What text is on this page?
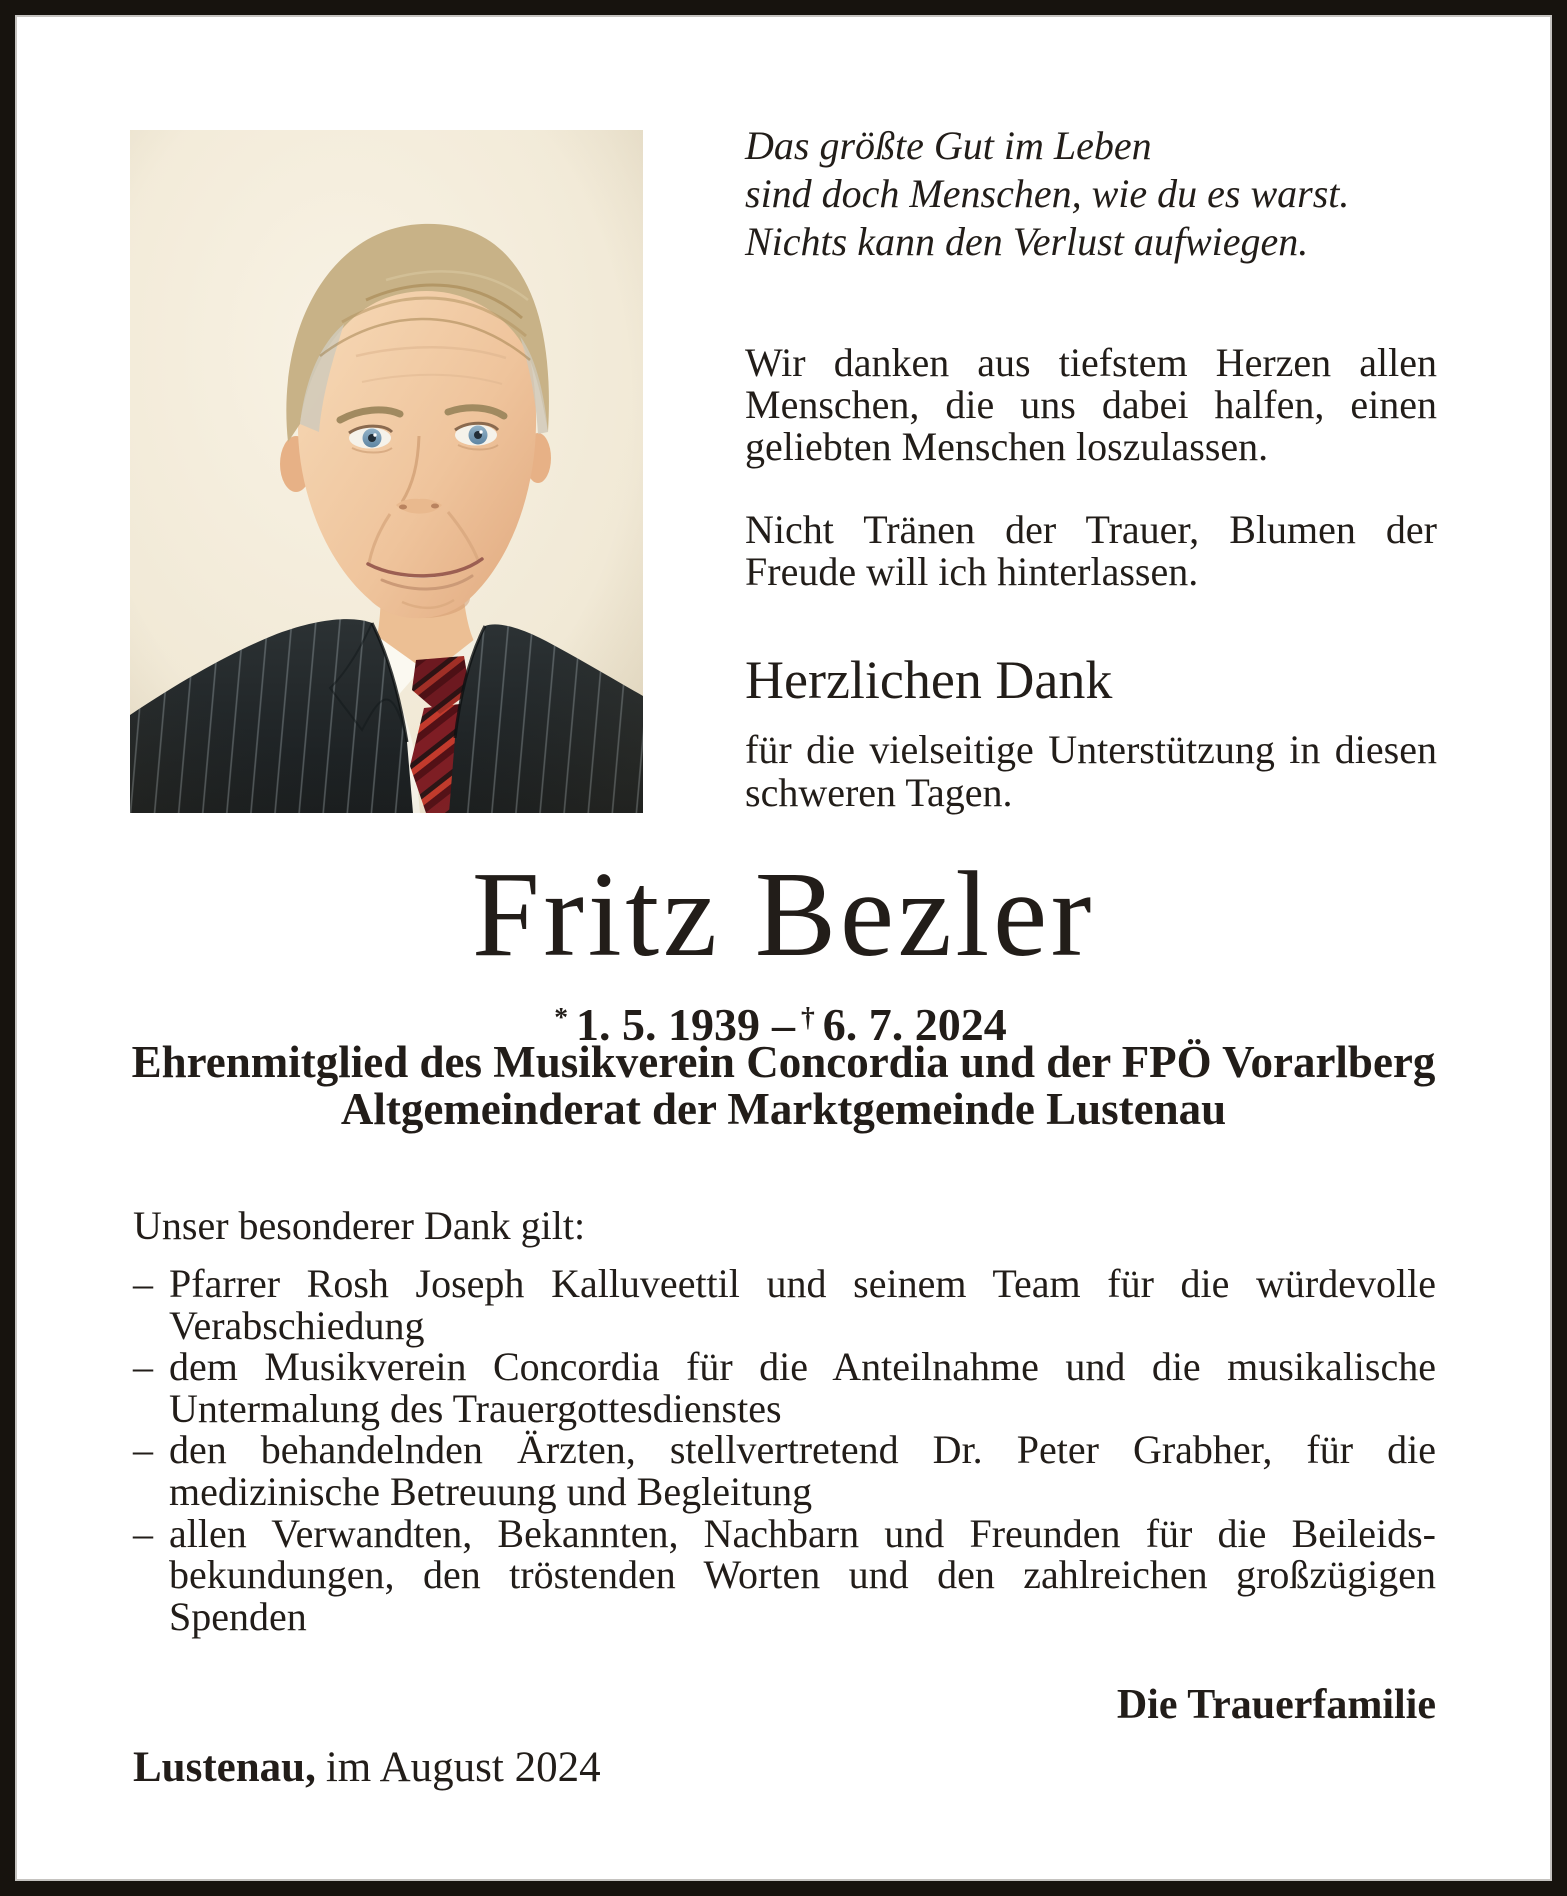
Das größte Gut im Leben
sind doch Menschen, wie du es warst.
Nichts kann den Verlust aufwiegen.
Wir danken aus tiefstem Herzen allen Menschen, die uns dabei halfen, einen geliebten Menschen loszulassen.
Nicht Tränen der Trauer, Blumen der Freude will ich hinterlassen.
Herzlichen Dank
für die vielseitige Unterstützung in diesen schweren Tagen.
Fritz Bezler
* 1. 5. 1939 – † 6. 7. 2024
Ehrenmitglied des Musikverein Concordia und der FPÖ Vorarlberg
Altgemeinderat der Marktgemeinde Lustenau
Unser besonderer Dank gilt:
– Pfarrer Rosh Joseph Kalluveettil und seinem Team für die würdevolle Verabschiedung
– dem Musikverein Concordia für die Anteilnahme und die musikalische Untermalung des Trauergottesdienstes
– den behandelnden Ärzten, stellvertretend Dr. Peter Grabher, für die medizinische Betreuung und Begleitung
– allen Verwandten, Bekannten, Nachbarn und Freunden für die Beileidsbekundungen, den tröstenden Worten und den zahlreichen großzügigen Spenden
Die Trauerfamilie
Lustenau, im August 2024
